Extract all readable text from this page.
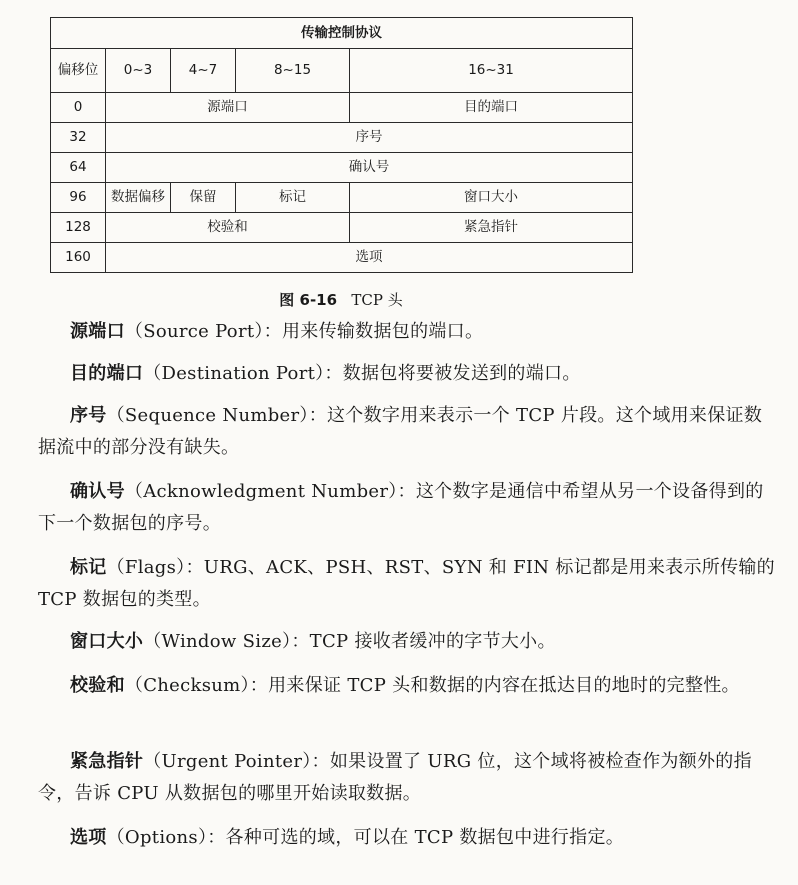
传输控制协议				
偏移位	0~3	4~7	8~15	16~31
0	源端口			目的端口
32	序号			
64	确认号			
96	数据偏移	保留	标记	窗口大小
128	校验和			紧急指针
160	选项			
图 6-16 TCP 头

源端口（Source Port）：用来传输数据包的端口。

目的端口（Destination Port）：数据包将要被发送到的端口。

序号（Sequence Number）：这个数字用来表示一个 TCP 片段。这个域用来保证数据流中的部分没有缺失。

确认号（Acknowledgment Number）：这个数字是通信中希望从另一个设备得到的下一个数据包的序号。

标记（Flags）：URG、ACK、PSH、RST、SYN 和 FIN 标记都是用来表示所传输的 TCP 数据包的类型。

窗口大小（Window Size）：TCP 接收者缓冲的字节大小。

校验和（Checksum）：用来保证 TCP 头和数据的内容在抵达目的地时的完整性。

紧急指针（Urgent Pointer）：如果设置了 URG 位，这个域将被检查作为额外的指令，告诉 CPU 从数据包的哪里开始读取数据。

选项（Options）：各种可选的域，可以在 TCP 数据包中进行指定。
